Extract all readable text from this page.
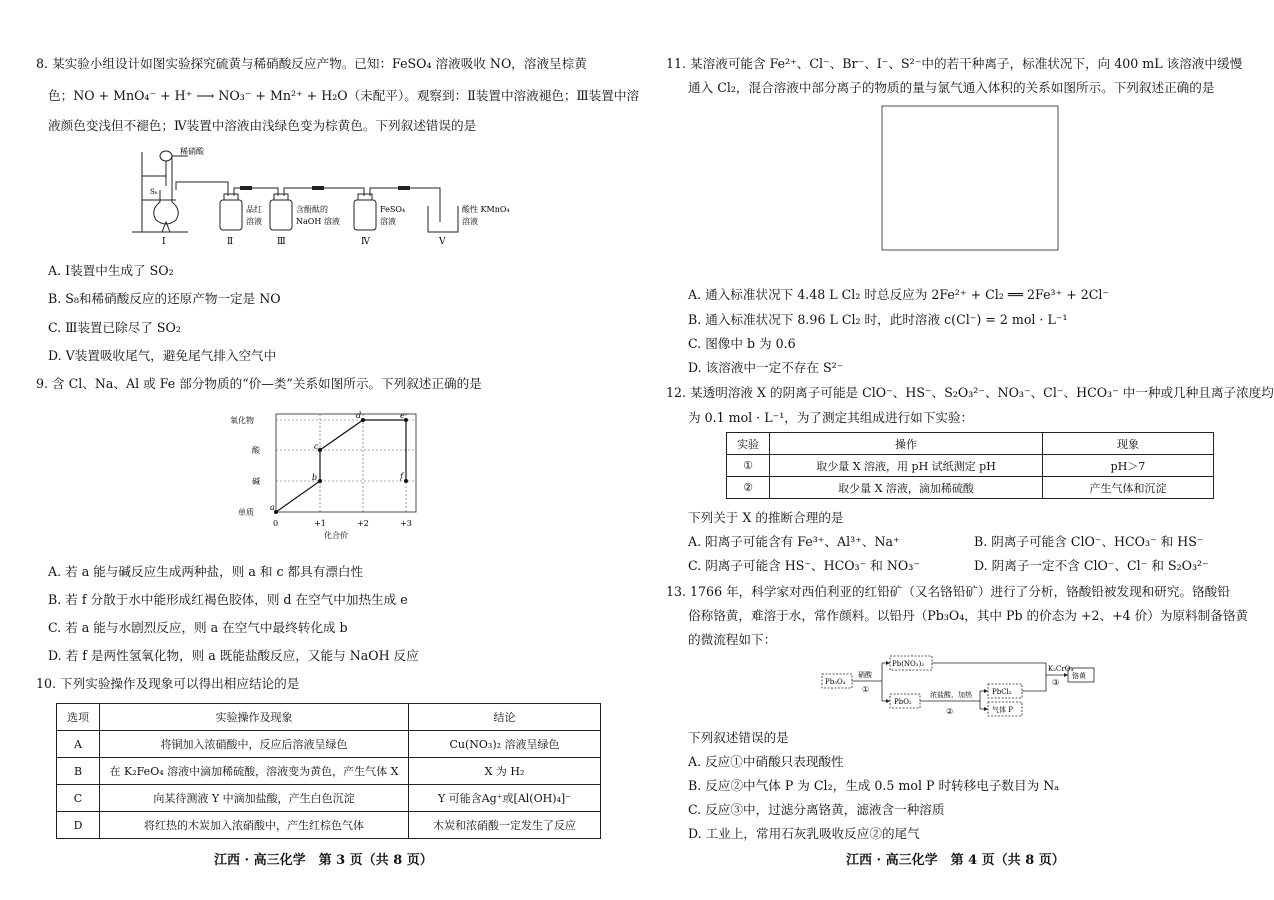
8. 某实验小组设计如图实验探究硫黄与稀硝酸反应产物。已知：FeSO₄ 溶液吸收 NO，溶液呈棕黄
色；NO + MnO₄⁻ + H⁺ ⟶ NO₃⁻ + Mn²⁺ + H₂O（未配平）。观察到：Ⅱ装置中溶液褪色；Ⅲ装置中溶
液颜色变浅但不褪色；Ⅳ装置中溶液由浅绿色变为棕黄色。下列叙述错误的是
稀硝酸
S₈
品红
溶液
含酚酞的
NaOH 溶液
FeSO₄
溶液
酸性 KMnO₄
溶液
Ⅰ	Ⅱ	Ⅲ	Ⅳ	Ⅴ
A. Ⅰ装置中生成了 SO₂
B. S₈和稀硝酸反应的还原产物一定是 NO
C. Ⅲ装置已除尽了 SO₂
D. Ⅴ装置吸收尾气，避免尾气排入空气中
9. 含 Cl、Na、Al 或 Fe 部分物质的“价—类”关系如图所示。下列叙述正确的是
氧化物
酸
碱
单质
0	+1	+2	+3
化合价
a
b
c
d	e
f
A. 若 a 能与碱反应生成两种盐，则 a 和 c 都具有漂白性
B. 若 f 分散于水中能形成红褐色胶体，则 d 在空气中加热生成 e
C. 若 a 能与水剧烈反应，则 a 在空气中最终转化成 b
D. 若 f 是两性氢氧化物，则 a 既能盐酸反应，又能与 NaOH 反应
10. 下列实验操作及现象可以得出相应结论的是
选项	实验操作及现象	结论
A	将铜加入浓硝酸中，反应后溶液呈绿色	Cu(NO₃)₂ 溶液呈绿色
B	在 K₂FeO₄ 溶液中滴加稀硫酸，溶液变为黄色，产生气体 X	X 为 H₂
C	向某待测液 Y 中滴加盐酸，产生白色沉淀	Y 可能含Ag⁺或[Al(OH)₄]⁻
D	将红热的木炭加入浓硝酸中，产生红棕色气体	木炭和浓硝酸一定发生了反应
江西 · 高三化学　第 3 页（共 8 页）
11. 某溶液可能含 Fe²⁺、Cl⁻、Br⁻、I⁻、S²⁻中的若干种离子，标准状况下，向 400 mL 该溶液中缓慢
通入 Cl₂，混合溶液中部分离子的物质的量与氯气通入体积的关系如图所示。下列叙述正确的是
A. 通入标准状况下 4.48 L Cl₂ 时总反应为 2Fe²⁺ + Cl₂ ══ 2Fe³⁺ + 2Cl⁻
B. 通入标准状况下 8.96 L Cl₂ 时，此时溶液 c(Cl⁻) = 2 mol · L⁻¹
C. 图像中 b 为 0.6
D. 该溶液中一定不存在 S²⁻
12. 某透明溶液 X 的阴离子可能是 ClO⁻、HS⁻、S₂O₃²⁻、NO₃⁻、Cl⁻、HCO₃⁻ 中一种或几种且离子浓度均
为 0.1 mol · L⁻¹，为了测定其组成进行如下实验：
实验	操作	现象
①	取少量 X 溶液，用 pH 试纸测定 pH	pH＞7
②	取少量 X 溶液，滴加稀硫酸	产生气体和沉淀
下列关于 X 的推断合理的是
A. 阳离子可能含有 Fe³⁺、Al³⁺、Na⁺	B. 阴离子可能含 ClO⁻、HCO₃⁻ 和 HS⁻
C. 阴离子可能含 HS⁻、HCO₃⁻ 和 NO₃⁻	D. 阴离子一定不含 ClO⁻、Cl⁻ 和 S₂O₃²⁻
13. 1766 年，科学家对西伯利亚的红铅矿（又名铬铅矿）进行了分析，铬酸铅被发现和研究。铬酸铅
俗称铬黄，难溶于水，常作颜料。以铅丹（Pb₃O₄，其中 Pb 的价态为 +2、+4 价）为原料制备铬黄
的微流程如下：
Pb₃O₄
硝酸
①
Pb(NO₃)₂
PbO₂
浓盐酸、加热
②
PbCl₂
气体 P
K₂CrO₄
③
铬黄
下列叙述错误的是
A. 反应①中硝酸只表现酸性
B. 反应②中气体 P 为 Cl₂，生成 0.5 mol P 时转移电子数目为 Nₐ
C. 反应③中，过滤分离铬黄，滤液含一种溶质
D. 工业上，常用石灰乳吸收反应②的尾气
江西 · 高三化学　第 4 页（共 8 页）
